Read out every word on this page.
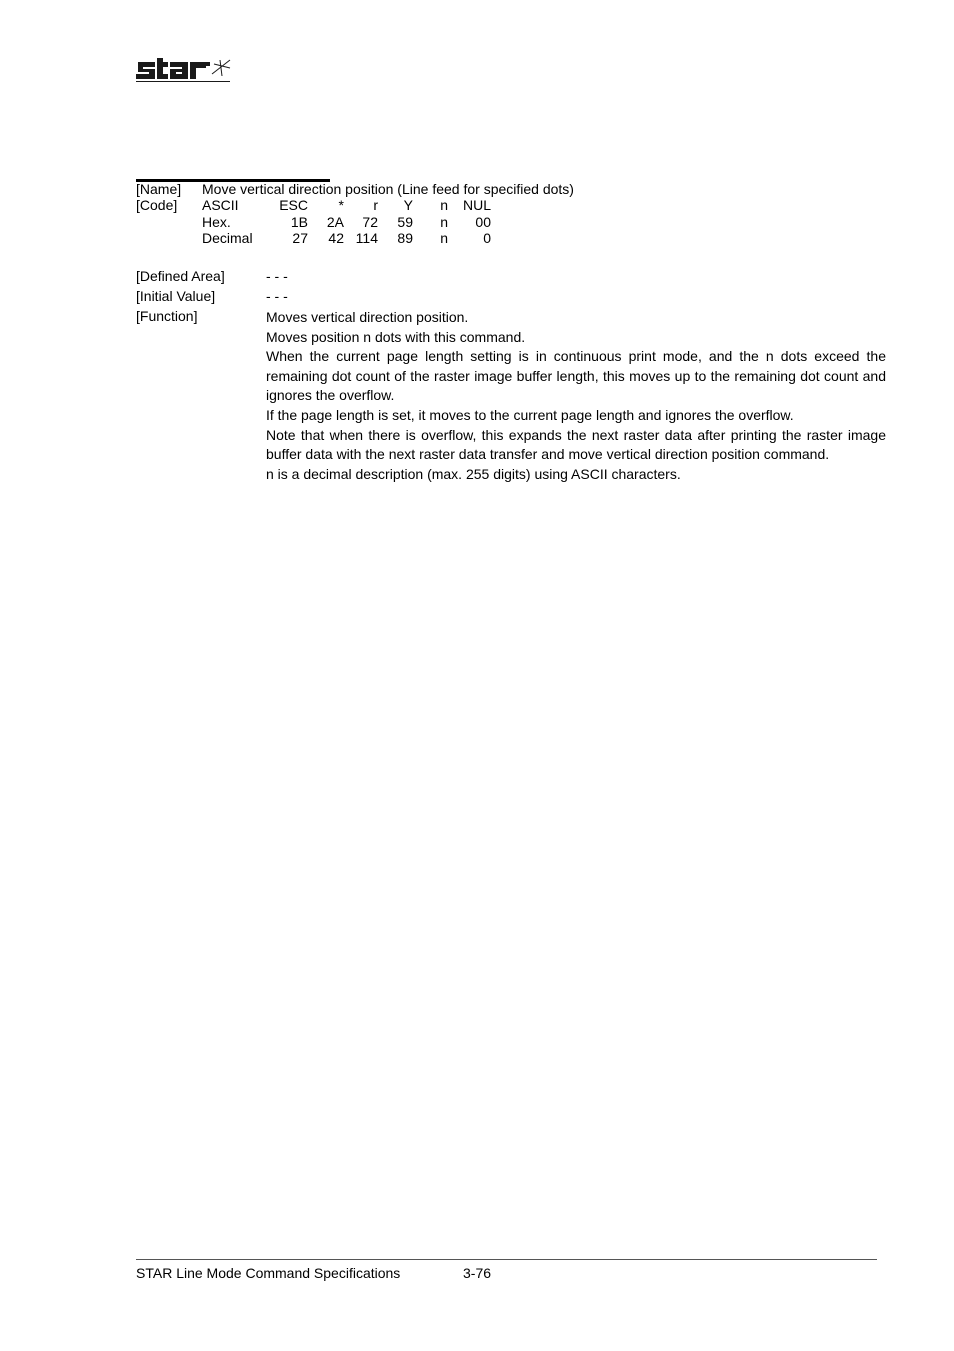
[Name] Move vertical direction position (Line feed for specified dots)
[Code] ASCII	ESC	*	r	Y	n	NUL
Hex.	1B	2A	72	59	n	00
Decimal	27	42 114	89	n	0
[Defined Area]	- - -
[Initial Value]	- - -
[Function]	Moves vertical direction position.

Moves position n dots with this command.

When the current page length setting is in continuous print mode, and the n dots exceed the remaining dot count of the raster image buffer length, this moves up to the remaining dot count and ignores the overflow.

If the page length is set, it moves to the current page length and ignores the overflow.

Note that when there is overflow, this expands the next raster data after printing the raster image buffer data with the next raster data transfer and move vertical direction position command.

n is a decimal description (max. 255 digits) using ASCII characters.

STAR Line Mode Command Specifications	3-76
